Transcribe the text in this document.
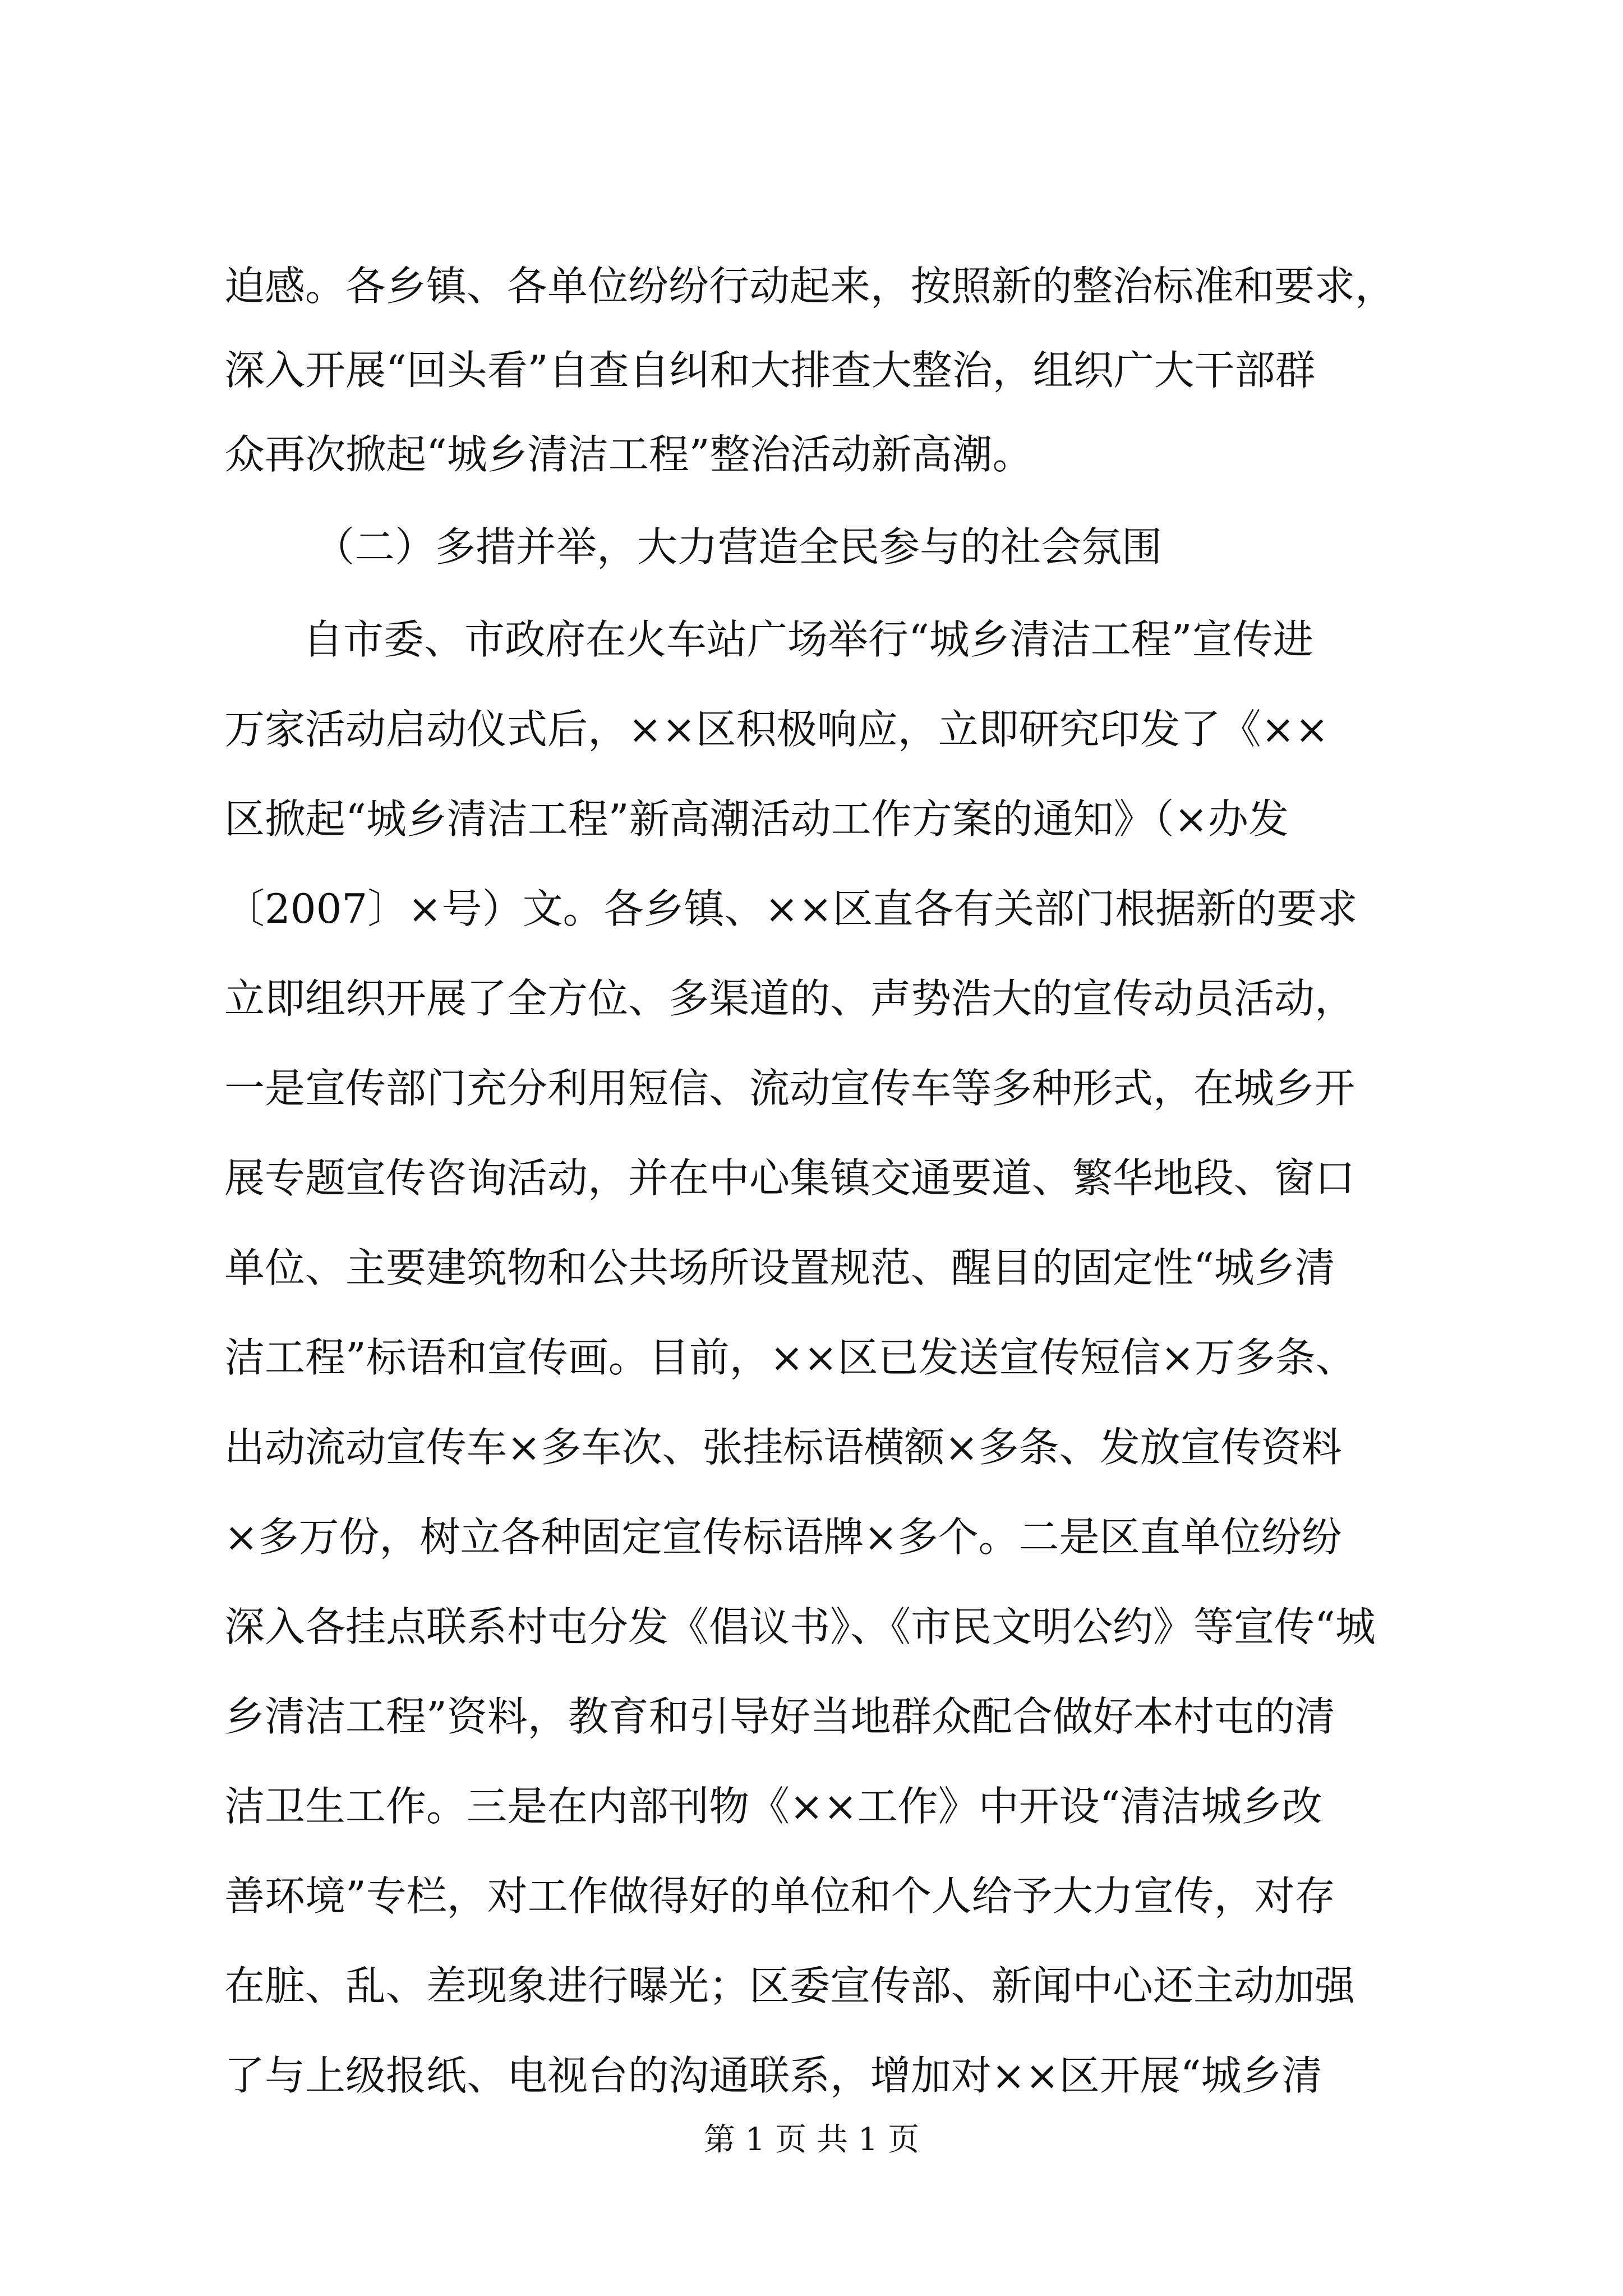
迫感。各乡镇、各单位纷纷行动起来，按照新的整治标准和要求，
深入开展“回头看”自查自纠和大排查大整治，组织广大干部群
众再次掀起“城乡清洁工程”整治活动新高潮。
（二）多措并举，大力营造全民参与的社会氛围
自市委、市政府在火车站广场举行“城乡清洁工程”宣传进
万家活动启动仪式后，××区积极响应，立即研究印发了《××
区掀起“城乡清洁工程”新高潮活动工作方案的通知》（×办发
〔2007〕×号）文。各乡镇、××区直各有关部门根据新的要求
立即组织开展了全方位、多渠道的、声势浩大的宣传动员活动，
一是宣传部门充分利用短信、流动宣传车等多种形式，在城乡开
展专题宣传咨询活动，并在中心集镇交通要道、繁华地段、窗口
单位、主要建筑物和公共场所设置规范、醒目的固定性“城乡清
洁工程”标语和宣传画。目前，××区已发送宣传短信×万多条、
出动流动宣传车×多车次、张挂标语横额×多条、发放宣传资料
×多万份，树立各种固定宣传标语牌×多个。二是区直单位纷纷
深入各挂点联系村屯分发《倡议书》、《市民文明公约》等宣传“城
乡清洁工程”资料，教育和引导好当地群众配合做好本村屯的清
洁卫生工作。三是在内部刊物《××工作》中开设“清洁城乡改
善环境”专栏，对工作做得好的单位和个人给予大力宣传，对存
在脏、乱、差现象进行曝光；区委宣传部、新闻中心还主动加强
了与上级报纸、电视台的沟通联系，增加对××区开展“城乡清
第 1 页 共 1 页
